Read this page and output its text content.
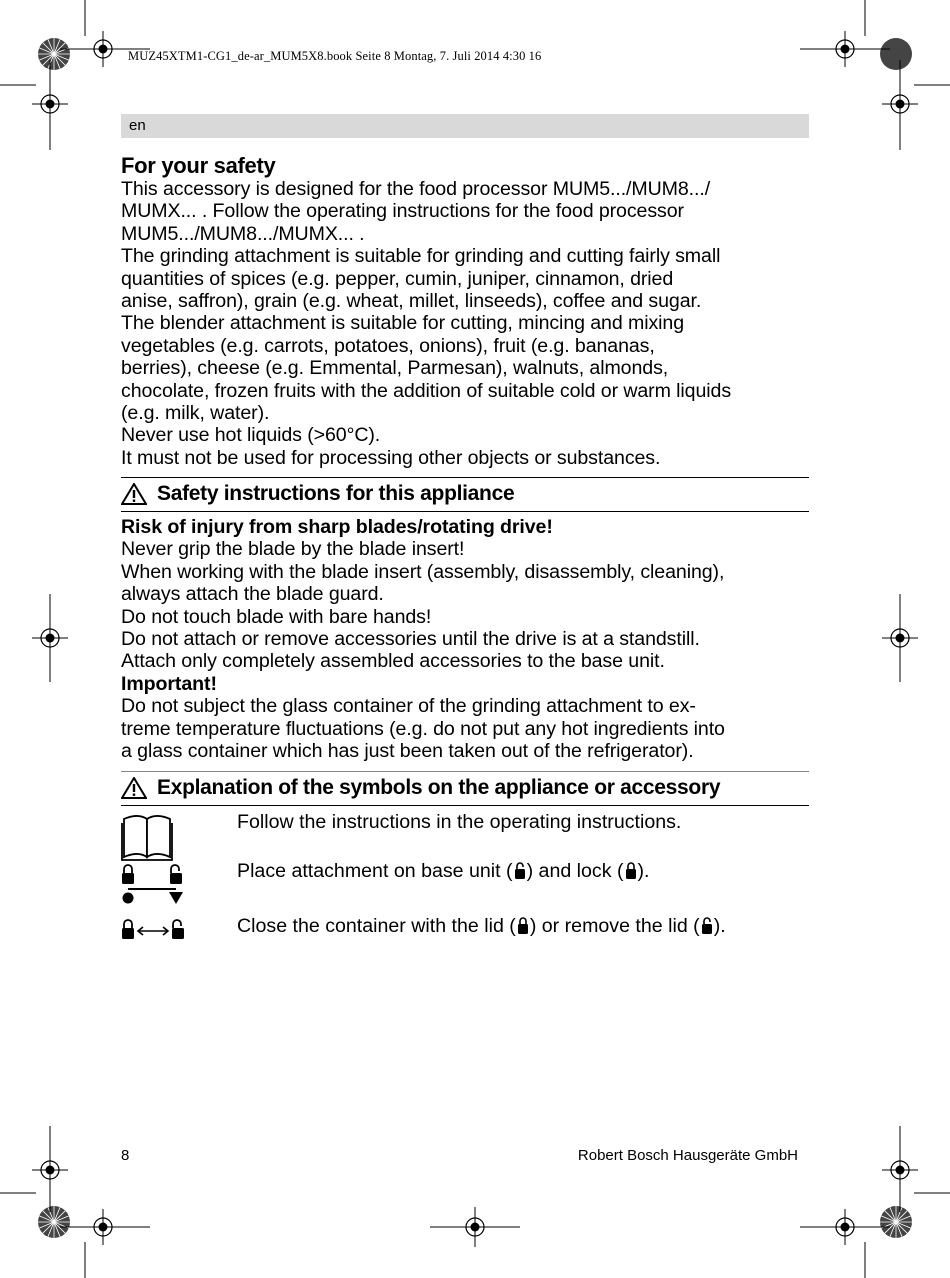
MUZ45XTM1-CG1_de-ar_MUM5X8.book Seite 8 Montag, 7. Juli 2014 4:30 16
en
For your safety

This accessory is designed for the food processor MUM5.../MUM8.../

MUMX... . Follow the operating instructions for the food processor

MUM5.../MUM8.../MUMX... .

The grinding attachment is suitable for grinding and cutting fairly small

quantities of spices (e.g. pepper, cumin, juniper, cinnamon, dried

anise, saffron), grain (e.g. wheat, millet, linseeds), coffee and sugar.

The blender attachment is suitable for cutting, mincing and mixing

vegetables (e.g. carrots, potatoes, onions), fruit (e.g. bananas,

berries), cheese (e.g. Emmental, Parmesan), walnuts, almonds,

chocolate, frozen fruits with the addition of suitable cold or warm liquids

(e.g. milk, water).

Never use hot liquids (>60°C).

It must not be used for processing other objects or substances.

Safety instructions for this appliance

Risk of injury from sharp blades/rotating drive!

Never grip the blade by the blade insert!

When working with the blade insert (assembly, disassembly, cleaning),

always attach the blade guard.

Do not touch blade with bare hands!

Do not attach or remove accessories until the drive is at a standstill.

Attach only completely assembled accessories to the base unit.

Important!

Do not subject the glass container of the grinding attachment to ex-

treme temperature fluctuations (e.g. do not put any hot ingredients into

a glass container which has just been taken out of the refrigerator).

Explanation of the symbols on the appliance or accessory
Follow the instructions in the operating instructions.
Place attachment on base unit ( ) and lock ( ).
Close the container with the lid ( ) or remove the lid ( ).
8	Robert Bosch Hausgeräte GmbH
